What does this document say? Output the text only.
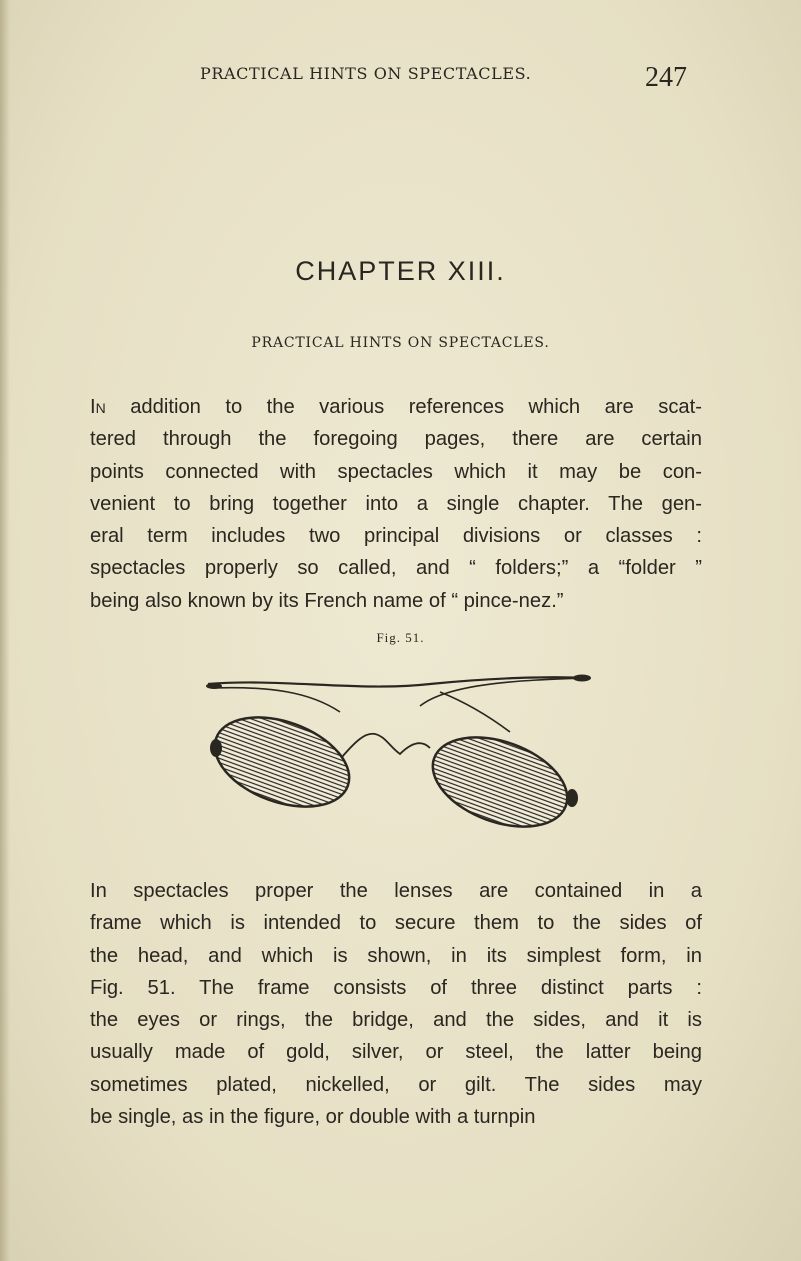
PRACTICAL HINTS ON SPECTACLES.	247
CHAPTER XIII.
PRACTICAL HINTS ON SPECTACLES.
In addition to the various references which are scat-
tered through the foregoing pages, there are certain
points connected with spectacles which it may be con-
venient to bring together into a single chapter. The gen-
eral term includes two principal divisions or classes :
spectacles properly so called, and “ folders;” a “folder ”
being also known by its French name of “ pince-nez.”
Fig. 51.
In spectacles proper the lenses are contained in a
frame which is intended to secure them to the sides of
the head, and which is shown, in its simplest form, in
Fig. 51. The frame consists of three distinct parts :
the eyes or rings, the bridge, and the sides, and it is
usually made of gold, silver, or steel, the latter being
sometimes plated, nickelled, or gilt. The sides may
be single, as in the figure, or double with a turnpin
